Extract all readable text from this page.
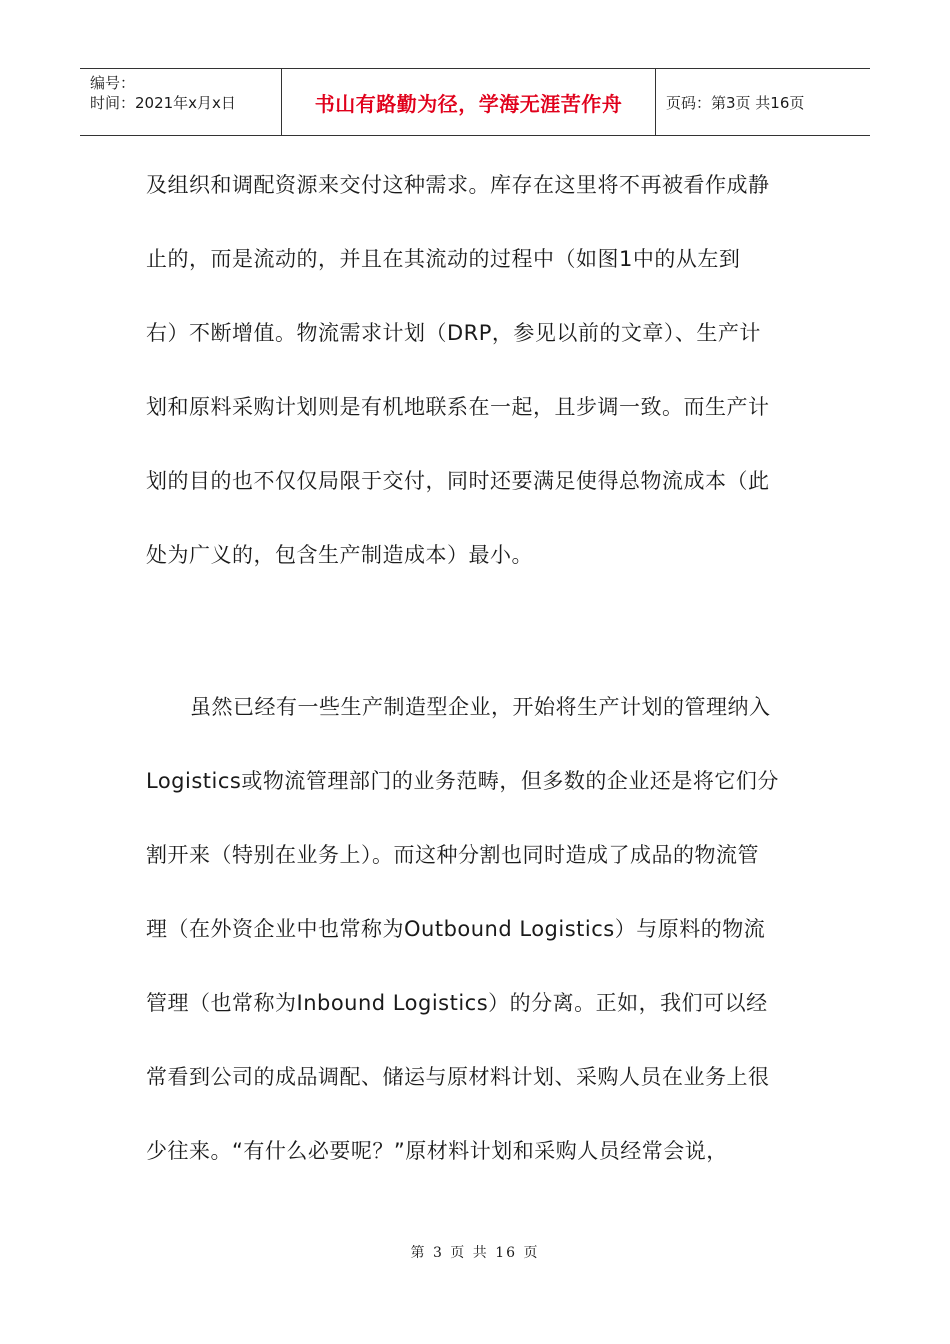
编号：
时间：2021年x月x日	书山有路勤为径，学海无涯苦作舟	页码：第3页 共16页
及组织和调配资源来交付这种需求。库存在这里将不再被看作成静
止的，而是流动的，并且在其流动的过程中（如图1中的从左到
右）不断增值。物流需求计划（DRP，参见以前的文章）、生产计
划和原料采购计划则是有机地联系在一起，且步调一致。而生产计
划的目的也不仅仅局限于交付，同时还要满足使得总物流成本（此
处为广义的，包含生产制造成本）最小。
虽然已经有一些生产制造型企业，开始将生产计划的管理纳入
Logistics或物流管理部门的业务范畴，但多数的企业还是将它们分
割开来（特别在业务上）。而这种分割也同时造成了成品的物流管
理（在外资企业中也常称为Outbound Logistics）与原料的物流
管理（也常称为Inbound Logistics）的分离。正如，我们可以经
常看到公司的成品调配、储运与原材料计划、采购人员在业务上很
少往来。“有什么必要呢？”原材料计划和采购人员经常会说，
第 3 页 共 16 页
